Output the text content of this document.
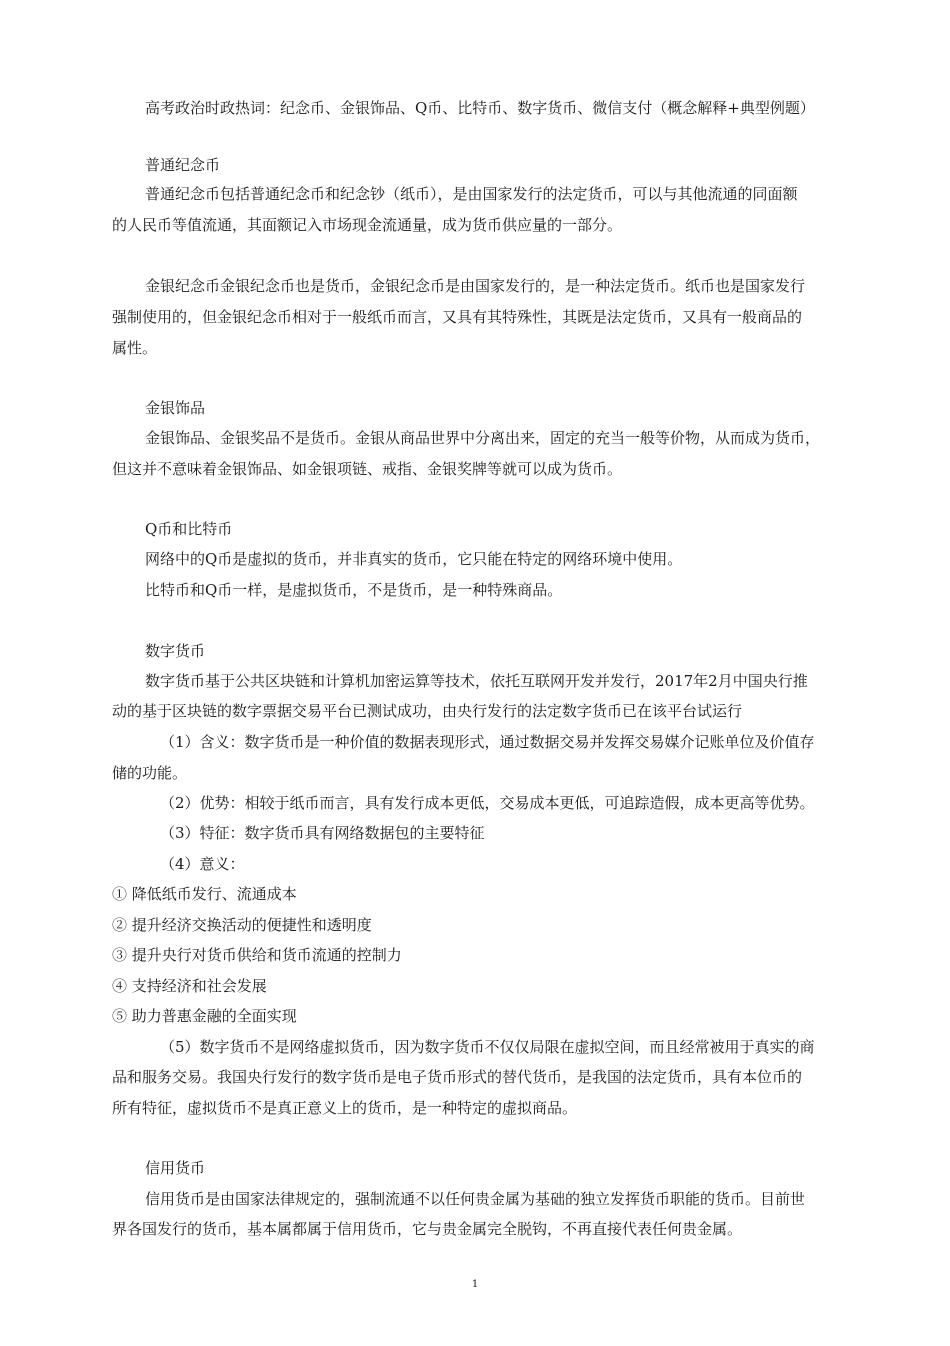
高考政治时政热词：纪念币、金银饰品、Q币、比特币、数字货币、微信支付（概念解释+典型例题）
普通纪念币
普通纪念币包括普通纪念币和纪念钞（纸币），是由国家发行的法定货币，可以与其他流通的同面额
的人民币等值流通，其面额记入市场现金流通量，成为货币供应量的一部分。
金银纪念币金银纪念币也是货币，金银纪念币是由国家发行的，是一种法定货币。纸币也是国家发行
强制使用的，但金银纪念币相对于一般纸币而言，又具有其特殊性，其既是法定货币，又具有一般商品的
属性。
金银饰品
金银饰品、金银奖品不是货币。金银从商品世界中分离出来，固定的充当一般等价物，从而成为货币，
但这并不意味着金银饰品、如金银项链、戒指、金银奖牌等就可以成为货币。
Q币和比特币
网络中的Q币是虚拟的货币，并非真实的货币，它只能在特定的网络环境中使用。
比特币和Q币一样，是虚拟货币，不是货币，是一种特殊商品。
数字货币
数字货币基于公共区块链和计算机加密运算等技术，依托互联网开发并发行，2017年2月中国央行推
动的基于区块链的数字票据交易平台已测试成功，由央行发行的法定数字货币已在该平台试运行
（1）含义：数字货币是一种价值的数据表现形式，通过数据交易并发挥交易媒介记账单位及价值存
储的功能。
（2）优势：相较于纸币而言，具有发行成本更低，交易成本更低，可追踪造假，成本更高等优势。
（3）特征：数字货币具有网络数据包的主要特征
（4）意义：
① 降低纸币发行、流通成本
② 提升经济交换活动的便捷性和透明度
③ 提升央行对货币供给和货币流通的控制力
④ 支持经济和社会发展
⑤ 助力普惠金融的全面实现
（5）数字货币不是网络虚拟货币，因为数字货币不仅仅局限在虚拟空间，而且经常被用于真实的商
品和服务交易。我国央行发行的数字货币是电子货币形式的替代货币，是我国的法定货币，具有本位币的
所有特征，虚拟货币不是真正意义上的货币，是一种特定的虚拟商品。
信用货币
信用货币是由国家法律规定的，强制流通不以任何贵金属为基础的独立发挥货币职能的货币。目前世
界各国发行的货币，基本属都属于信用货币，它与贵金属完全脱钩，不再直接代表任何贵金属。
1
